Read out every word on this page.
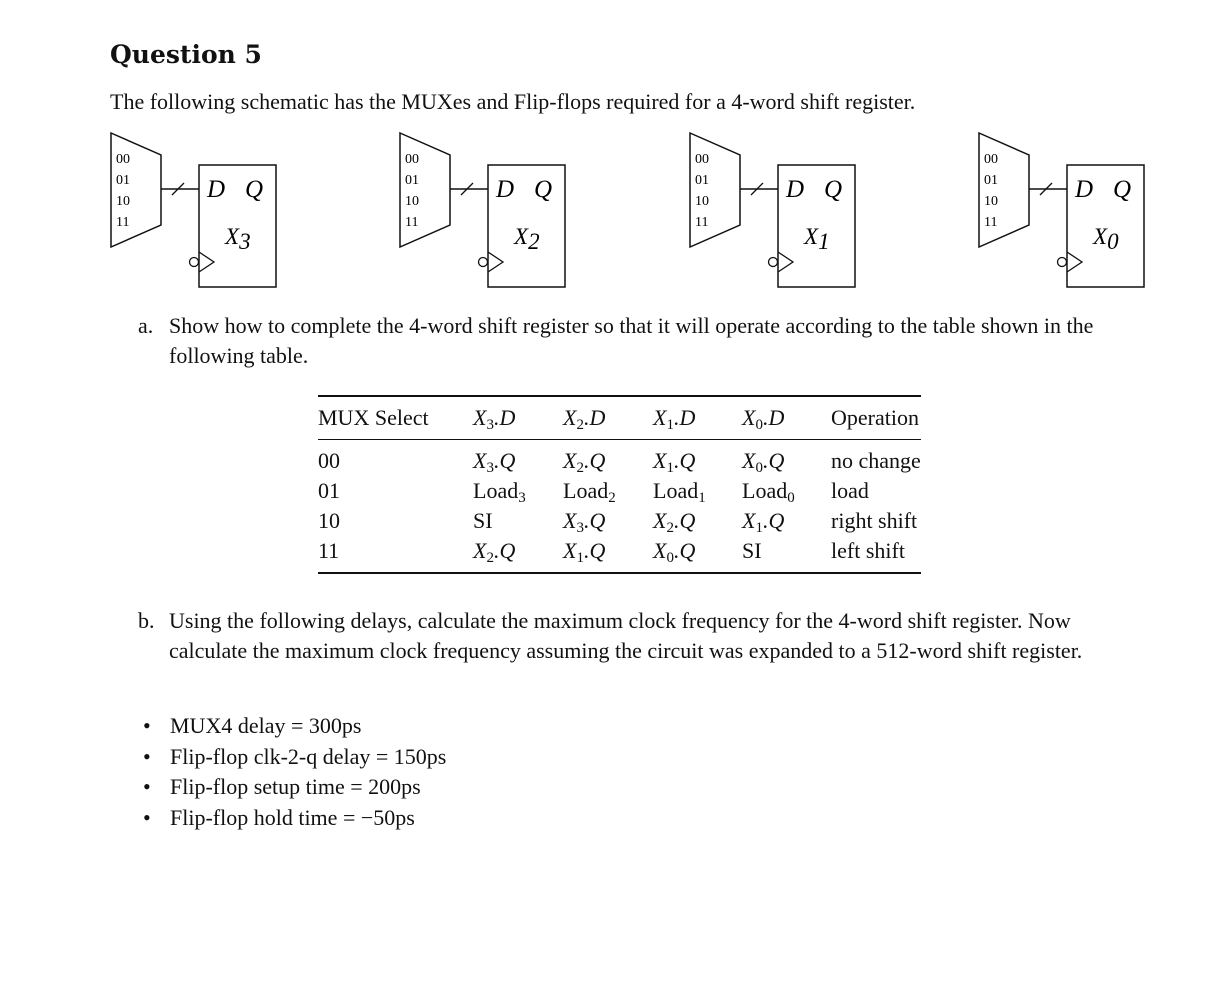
Question 5

The following schematic has the MUXes and Flip-flops required for a 4-word shift register.

00
01
10
11
D Q
X3
00
01
10
11
D Q
X2
00
01
10
11
D Q
X1
00
01
10
11
D Q
X0
a. Show how to complete the 4-word shift register so that it will operate according to the table shown in the following table.
MUX Select	$X_3.D$	$X_2.D$	$X_1.D$	$X_0.D$	Operation
00	$X_3.Q$	$X_2.Q$	$X_1.Q$	$X_0.Q$	no change
01	Load$_3$	Load$_2$	Load$_1$	Load$_0$	load
10	SI	$X_3.Q$	$X_2.Q$	$X_1.Q$	right shift
11	$X_2.Q$	$X_1.Q$	$X_0.Q$	SI	left shift
b. Using the following delays, calculate the maximum clock frequency for the 4-word shift register. Now calculate the maximum clock frequency assuming the circuit was expanded to a 512-word shift register.
• MUX4 delay = 300ps
• Flip-flop clk-2-q delay = 150ps
• Flip-flop setup time = 200ps
• Flip-flop hold time = −50ps
